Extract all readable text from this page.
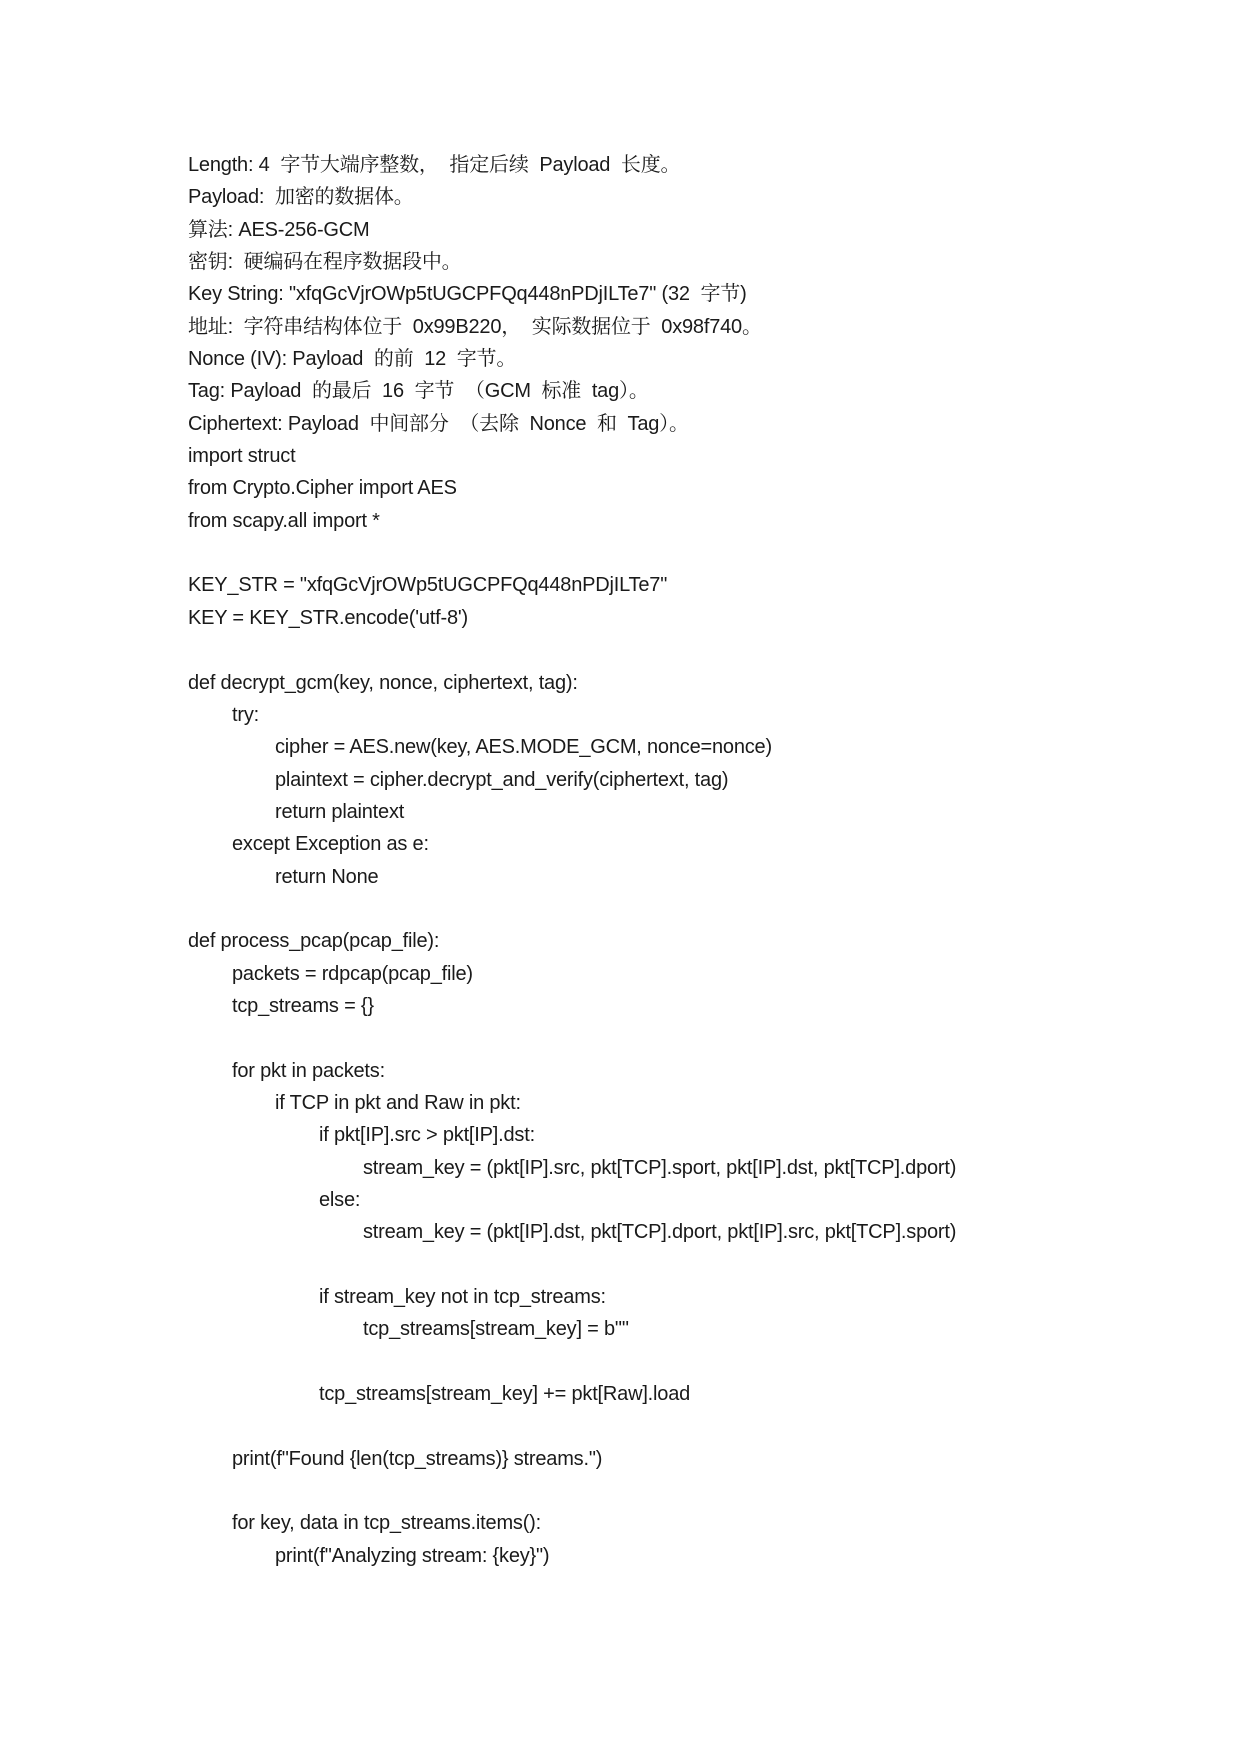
Length: 4  字节大端序整数，  指定后续  Payload  长度。
Payload:  加密的数据体。
算法: AES-256-GCM
密钥:  硬编码在程序数据段中。
Key String: "xfqGcVjrOWp5tUGCPFQq448nPDjILTe7" (32  字节)
地址:  字符串结构体位于  0x99B220，  实际数据位于  0x98f740。
Nonce (IV): Payload  的前  12  字节。
Tag: Payload  的最后  16  字节  （GCM  标准  tag）。
Ciphertext: Payload  中间部分  （去除  Nonce  和  Tag）。
import struct
from Crypto.Cipher import AES
from scapy.all import *
KEY_STR = "xfqGcVjrOWp5tUGCPFQq448nPDjILTe7"
KEY = KEY_STR.encode('utf-8')
def decrypt_gcm(key, nonce, ciphertext, tag):
try:
cipher = AES.new(key, AES.MODE_GCM, nonce=nonce)
plaintext = cipher.decrypt_and_verify(ciphertext, tag)
return plaintext
except Exception as e:
return None
def process_pcap(pcap_file):
packets = rdpcap(pcap_file)
tcp_streams = {}
for pkt in packets:
if TCP in pkt and Raw in pkt:
if pkt[IP].src > pkt[IP].dst:
stream_key = (pkt[IP].src, pkt[TCP].sport, pkt[IP].dst, pkt[TCP].dport)
else:
stream_key = (pkt[IP].dst, pkt[TCP].dport, pkt[IP].src, pkt[TCP].sport)
if stream_key not in tcp_streams:
tcp_streams[stream_key] = b""
tcp_streams[stream_key] += pkt[Raw].load
print(f"Found {len(tcp_streams)} streams.")
for key, data in tcp_streams.items():
print(f"Analyzing stream: {key}")
